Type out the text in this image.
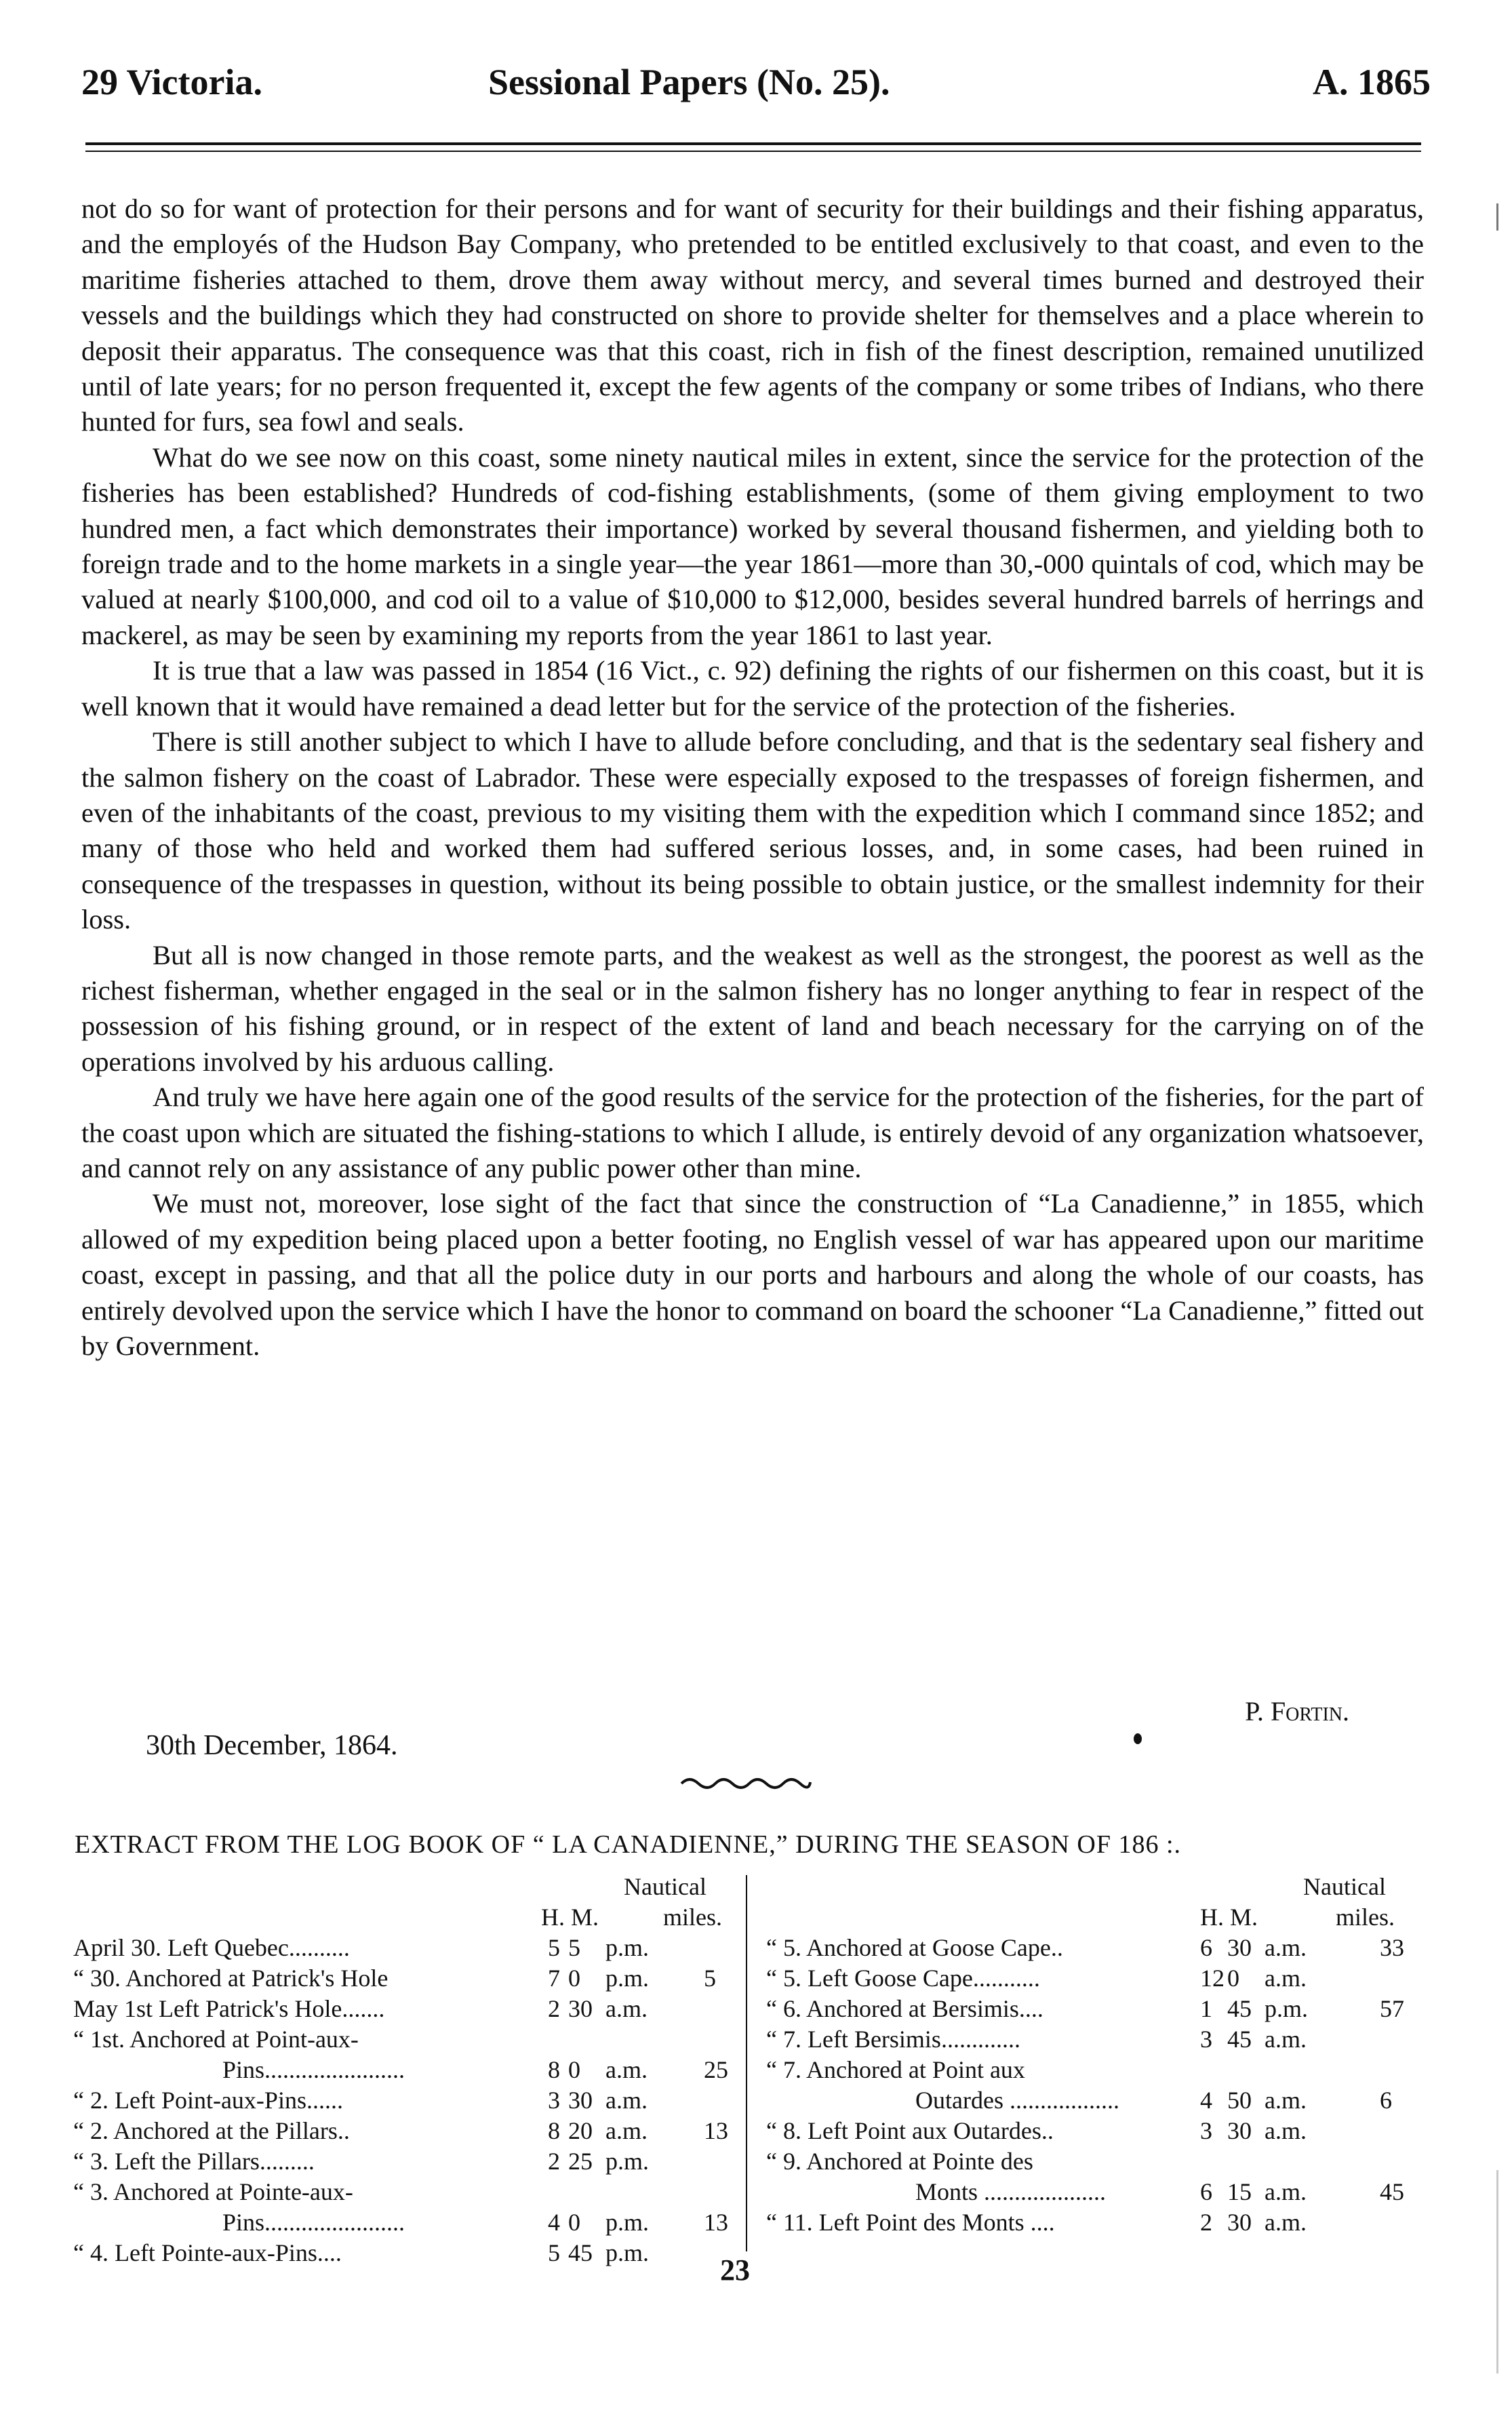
29 Victoria.	Sessional Papers (No. 25).	A. 1865

not do so for want of protection for their persons and for want of security for their buildings and their fishing apparatus, and the employés of the Hudson Bay Company, who pretended to be entitled exclusively to that coast, and even to the maritime fisheries attached to them, drove them away without mercy, and several times burned and destroyed their vessels and the buildings which they had constructed on shore to provide shelter for themselves and a place wherein to deposit their apparatus. The consequence was that this coast, rich in fish of the finest description, remained unutilized until of late years; for no person frequented it, except the few agents of the company or some tribes of Indians, who there hunted for furs, sea fowl and seals.

What do we see now on this coast, some ninety nautical miles in extent, since the service for the protection of the fisheries has been established? Hundreds of cod-fishing establishments, (some of them giving employment to two hundred men, a fact which demonstrates their importance) worked by several thousand fishermen, and yielding both to foreign trade and to the home markets in a single year—the year 1861—more than 30,-000 quintals of cod, which may be valued at nearly $100,000, and cod oil to a value of $10,000 to $12,000, besides several hundred barrels of herrings and mackerel, as may be seen by examining my reports from the year 1861 to last year.

It is true that a law was passed in 1854 (16 Vict., c. 92) defining the rights of our fishermen on this coast, but it is well known that it would have remained a dead letter but for the service of the protection of the fisheries.

There is still another subject to which I have to allude before concluding, and that is the sedentary seal fishery and the salmon fishery on the coast of Labrador. These were especially exposed to the trespasses of foreign fishermen, and even of the inhabitants of the coast, previous to my visiting them with the expedition which I command since 1852; and many of those who held and worked them had suffered serious losses, and, in some cases, had been ruined in consequence of the trespasses in question, without its being possible to obtain justice, or the smallest indemnity for their loss.

But all is now changed in those remote parts, and the weakest as well as the strongest, the poorest as well as the richest fisherman, whether engaged in the seal or in the salmon fishery has no longer anything to fear in respect of the possession of his fishing ground, or in respect of the extent of land and beach necessary for the carrying on of the operations involved by his arduous calling.

And truly we have here again one of the good results of the service for the protection of the fisheries, for the part of the coast upon which are situated the fishing-stations to which I allude, is entirely devoid of any organization whatsoever, and cannot rely on any assistance of any public power other than mine.

We must not, moreover, lose sight of the fact that since the construction of “La Canadienne,” in 1855, which allowed of my expedition being placed upon a better footing, no English vessel of war has appeared upon our maritime coast, except in passing, and that all the police duty in our ports and harbours and along the whole of our coasts, has entirely devolved upon the service which I have the honor to command on board the schooner “La Canadienne,” fitted out by Government.

P. Fortin.
30th December, 1864.
EXTRACT FROM THE LOG BOOK OF “ LA CANADIENNE,” DURING THE SEASON OF 186 :.
Nautical
H. M.	miles.
April 30. Left Quebec..........	5 5 p.m.
“ 30. Anchored at Patrick's Hole	7 0 p.m. 5
May 1st Left Patrick's Hole.......	2 30 a.m.
“ 1st. Anchored at Point-aux-
Pins.......................	8 0 a.m. 25
“ 2. Left Point-aux-Pins......	3 30 a.m.
“ 2. Anchored at the Pillars..	8 20 a.m. 13
“ 3. Left the Pillars.........	2 25 p.m.
“ 3. Anchored at Pointe-aux-
Pins.......................	4 0 p.m. 13
“ 4. Left Pointe-aux-Pins....	5 45 p.m.
Nautical
H. M.	miles.
“ 5. Anchored at Goose Cape..	6 30 a.m.	33
“ 5. Left Goose Cape...........	12 0 a.m.
“ 6. Anchored at Bersimis....	1 45 p.m.	57
“ 7. Left Bersimis.............	3 45 a.m.
“ 7. Anchored at Point aux
Outardes ..................	4 50 a.m.	6
“ 8. Left Point aux Outardes..	3 30 a.m.
“ 9. Anchored at Pointe des
Monts ....................	6 15 a.m.	45
“ 11. Left Point des Monts ....	2 30 a.m.
23
